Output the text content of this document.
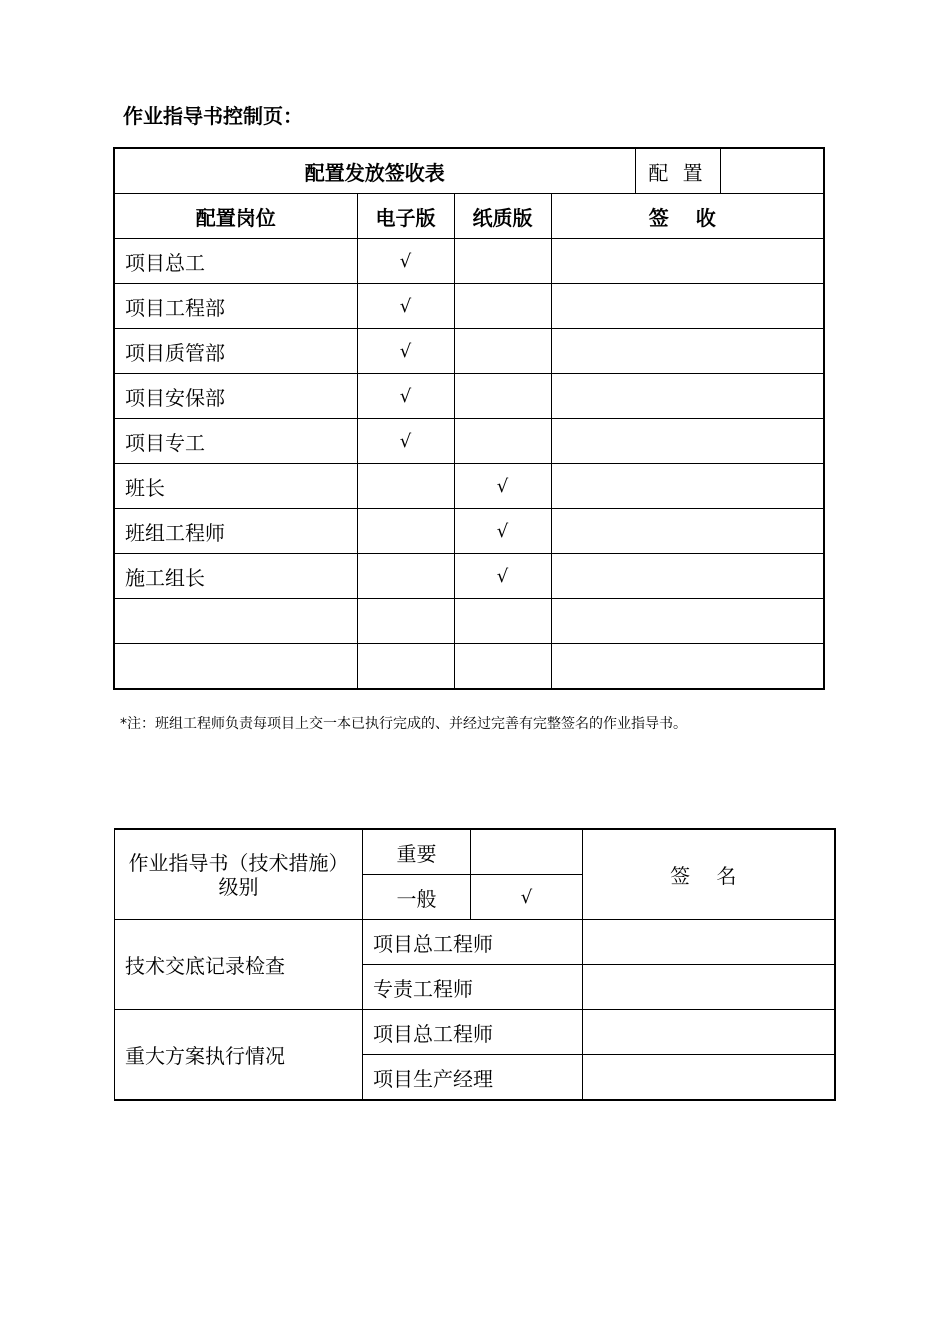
作业指导书控制页：
配置发放签收表				配 置

配置岗位	电子版	纸质版	签 收	
项目总工	√			
项目工程部	√			
项目质管部	√			
项目安保部	√			
项目专工	√			
班长		√		
班组工程师		√		
施工组长		√		

*注：班组工程师负责每项目上交一本已执行完成的、并经过完善有完整签名的作业指导书。
作业指导书（技术措施）
级别	重要		签 名
	一般	√	
技术交底记录检查	项目总工程师		
	专责工程师		
重大方案执行情况	项目总工程师		
	项目生产经理		
